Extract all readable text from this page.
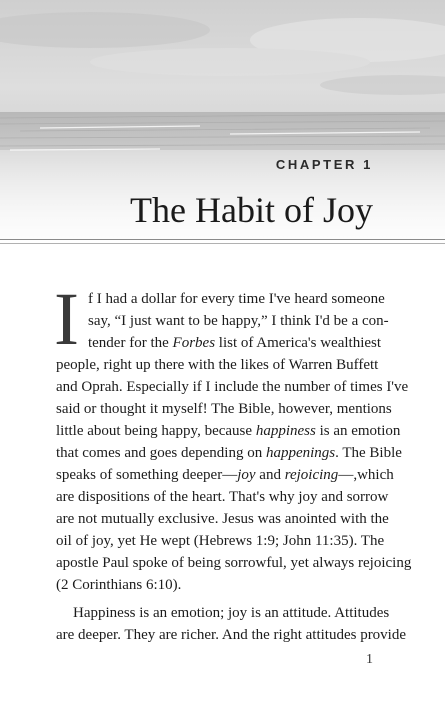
CHAPTER 1
The Habit of Joy
I f I had a dollar for every time I've heard someone
say, “I just want to be happy,” I think I'd be a con-
tender for the Forbes list of America's wealthiest
people, right up there with the likes of Warren Buffett
and Oprah. Especially if I include the number of times I've
said or thought it myself! The Bible, however, mentions
little about being happy, because happiness is an emotion
that comes and goes depending on happenings. The Bible
speaks of something deeper—joy and rejoicing—,which
are dispositions of the heart. That's why joy and sorrow
are not mutually exclusive. Jesus was anointed with the
oil of joy, yet He wept (Hebrews 1:9; John 11:35). The
apostle Paul spoke of being sorrowful, yet always rejoicing
(2 Corinthians 6:10).
Happiness is an emotion; joy is an attitude. Attitudes
are deeper. They are richer. And the right attitudes provide
1
